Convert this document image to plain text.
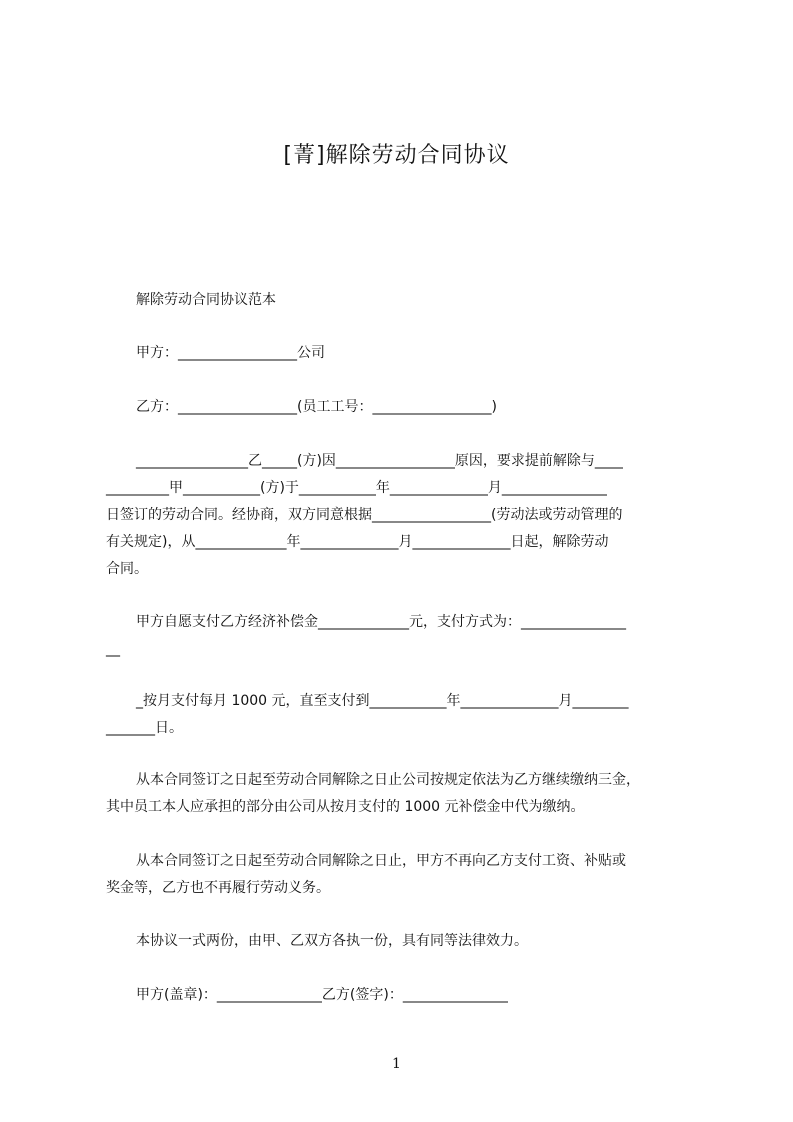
[菁]解除劳动合同协议
解除劳动合同协议范本
甲方：_________________公司
乙方：_________________(员工工号：_________________)
________________乙_____(方)因_________________原因，要求提前解除与____
_________甲___________(方)于___________年______________月_______________
日签订的劳动合同。经协商，双方同意根据_________________(劳动法或劳动管理的
有关规定)，从_____________年______________月______________日起，解除劳动
合同。
甲方自愿支付乙方经济补偿金_____________元，支付方式为：_______________
__
_按月支付每月 1000 元，直至支付到___________年______________月________
_______日。
从本合同签订之日起至劳动合同解除之日止公司按规定依法为乙方继续缴纳三金，
其中员工本人应承担的部分由公司从按月支付的 1000 元补偿金中代为缴纳。
从本合同签订之日起至劳动合同解除之日止，甲方不再向乙方支付工资、补贴或
奖金等，乙方也不再履行劳动义务。
本协议一式两份，由甲、乙双方各执一份，具有同等法律效力。
甲方(盖章)：_______________乙方(签字)：_______________
1
